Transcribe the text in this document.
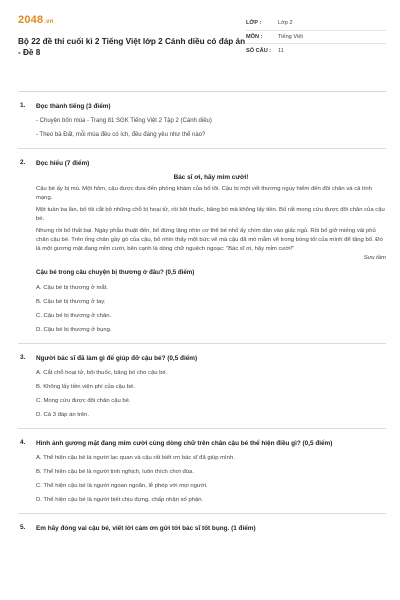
2048.vn
Bộ 22 đề thi cuối kì 2 Tiếng Việt lớp 2 Cánh diều có đáp án - Đề 8
LỚP :	Lớp 2
MÔN :	Tiếng Việt
SỐ CÂU :	11
1. Đọc thành tiếng (3 điểm)
- Chuyện bốn mùa - Trang 81 SGK Tiếng Việt 2 Tập 2 (Cánh diều)
- Theo bà Đất, mỗi mùa đều có ích, đều đáng yêu như thế nào?
2. Đọc hiểu (7 điểm)
Bác sĩ ơi, hãy mỉm cười!
Cậu bé ấy bị mù. Một hôm, cậu được đưa đến phòng khám của bố tôi. Cậu bị một vết thương nguy hiểm đến đôi chân và cả tính mạng.
Một tuần ba lần, bố tôi cắt bỏ những chỗ bị hoại tử, rồi bôi thuốc, băng bó mà không lấy tiền. Bố rất mong cứu được đôi chân của cậu bé.
Nhưng rồi bố thất bại. Ngày phẫu thuật đến, bố đứng lặng nhìn cơ thể bé nhỏ ấy chìm dần vào giấc ngủ. Rồi bố giở miếng vải phủ chân cậu bé. Trên ống chân gầy gò của cậu, bố nhìn thấy một bức vẽ mà cậu đã mò mẫm vẽ trong bóng tối của mình để tặng bố. Đó là một gương mặt đang mỉm cười, bên cạnh là dòng chữ nguệch ngoạc: “Bác sĩ ơi, hãy mỉm cười!”
Sưu tầm
Cậu bé trong câu chuyện bị thương ở đâu? (0,5 điểm)
A. Cậu bé bị thương ở mắt.
B. Cậu bé bị thương ở tay.
C. Cậu bé bị thương ở chân.
D. Cậu bé bị thương ở bụng.
3. Người bác sĩ đã làm gì để giúp đỡ cậu bé? (0,5 điểm)
A. Cắt chỗ hoại tử, bôi thuốc, băng bó cho cậu bé.
B. Không lấy tiền viện phí của cậu bé.
C. Mong cứu được đôi chân cậu bé.
D. Cả 3 đáp án trên.
4. Hình ảnh gương mặt đang mỉm cười cùng dòng chữ trên chân cậu bé thể hiện điều gì? (0,5 điểm)
A. Thể hiện cậu bé là người lạc quan và cậu rất biết ơn bác sĩ đã giúp mình.
B. Thể hiện cậu bé là người tinh nghịch, luôn thích chơi đùa.
C. Thể hiện cậu bé là người ngoan ngoãn, lễ phép với mọi người.
D. Thể hiện cậu bé là người biết chịu đựng, chấp nhận số phận.
5. Em hãy đóng vai cậu bé, viết lời cảm ơn gửi tới bác sĩ tốt bụng. (1 điểm)
